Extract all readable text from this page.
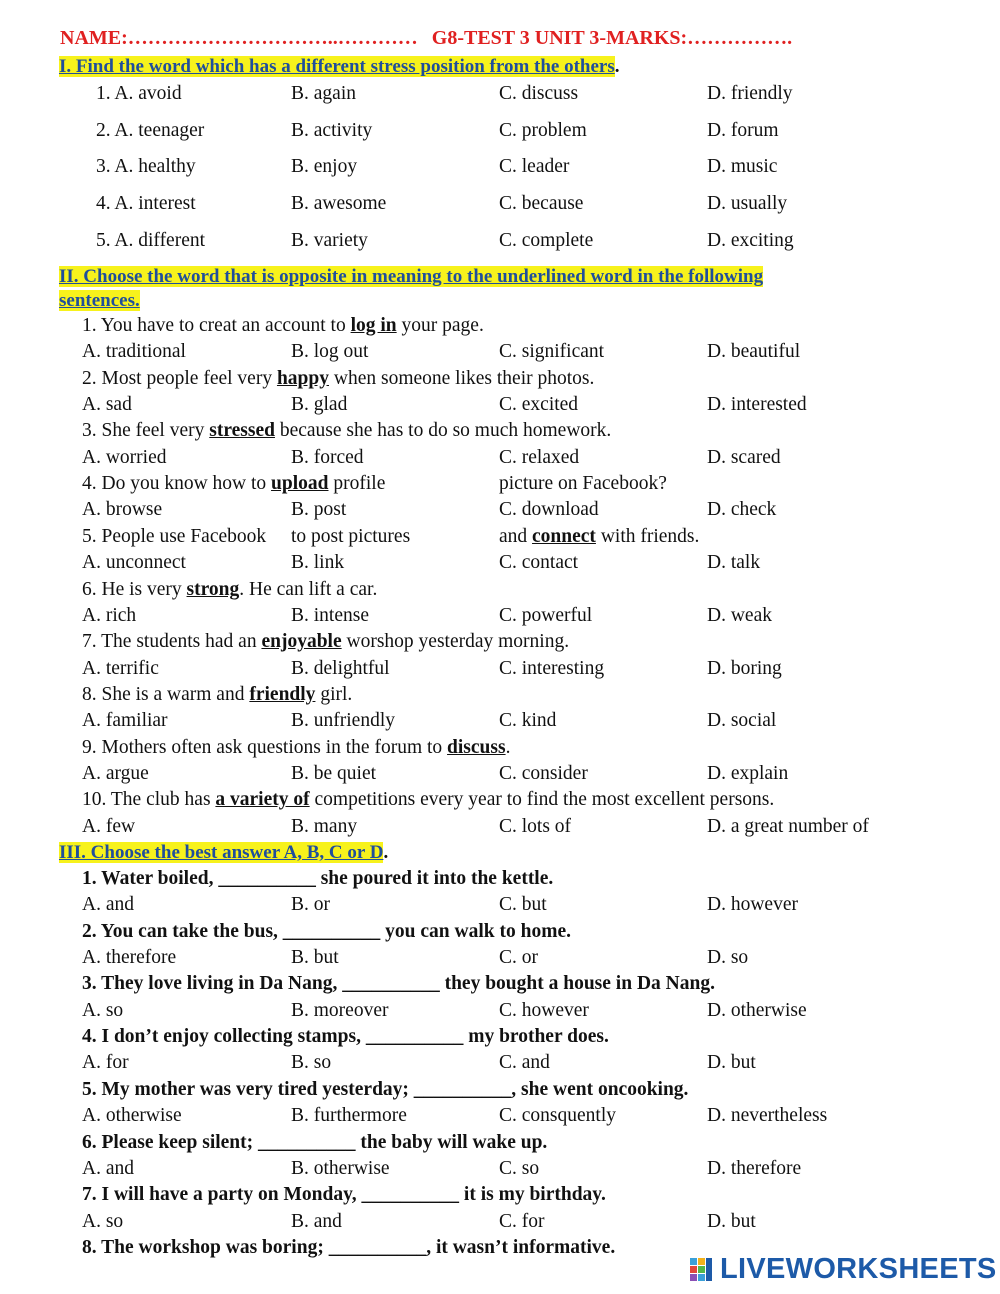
NAME:…………………………..………… G8-TEST 3 UNIT 3-MARKS:…………….
I. Find the word which has a different stress position from the others.
1. A. avoid	B. again	C. discuss	D. friendly
2. A. teenager	B. activity	C. problem	D. forum
3. A. healthy	B. enjoy	C. leader	D. music
4. A. interest	B. awesome	C. because	D. usually
5. A. different	B. variety	C. complete	D. exciting
II. Choose the word that is opposite in meaning to the underlined word in the following
sentences.
1. You have to creat an account to log in your page.
A. traditional	B. log out	C. significant	D. beautiful
2. Most people feel very happy when someone likes their photos.
A. sad	B. glad	C. excited	D. interested
3. She feel very stressed because she has to do so much homework.
A. worried	B. forced	C. relaxed	D. scared
picture on Facebook?
4. Do you know how to upload profile
A. browse	B. post	C. download	D. check
to post pictures	and connect with friends.
5. People use Facebook
A. unconnect	B. link	C. contact	D. talk
6. He is very strong. He can lift a car.
A. rich	B. intense	C. powerful	D. weak
7. The students had an enjoyable worshop yesterday morning.
A. terrific	B. delightful	C. interesting	D. boring
8. She is a warm and friendly girl.
A. familiar	B. unfriendly	C. kind	D. social
9. Mothers often ask questions in the forum to discuss.
A. argue	B. be quiet	C. consider	D. explain
10. The club has a variety of competitions every year to find the most excellent persons.
A. few	B. many	C. lots of	D. a great number of
III. Choose the best answer A, B, C or D.
1. Water boiled, __________ she poured it into the kettle.
A. and	B. or	C. but	D. however
2. You can take the bus, __________ you can walk to home.
A. therefore	B. but	C. or	D. so
3. They love living in Da Nang, __________ they bought a house in Da Nang.
A. so	B. moreover	C. however	D. otherwise
4. I don’t enjoy collecting stamps, __________ my brother does.
A. for	B. so	C. and	D. but
5. My mother was very tired yesterday; __________, she went oncooking.
A. otherwise	B. furthermore	C. consquently	D. nevertheless
6. Please keep silent; __________ the baby will wake up.
A. and	B. otherwise	C. so	D. therefore
7. I will have a party on Monday, __________ it is my birthday.
A. so	B. and	C. for	D. but
8. The workshop was boring; __________, it wasn’t informative.
LIVEWORKSHEETS
